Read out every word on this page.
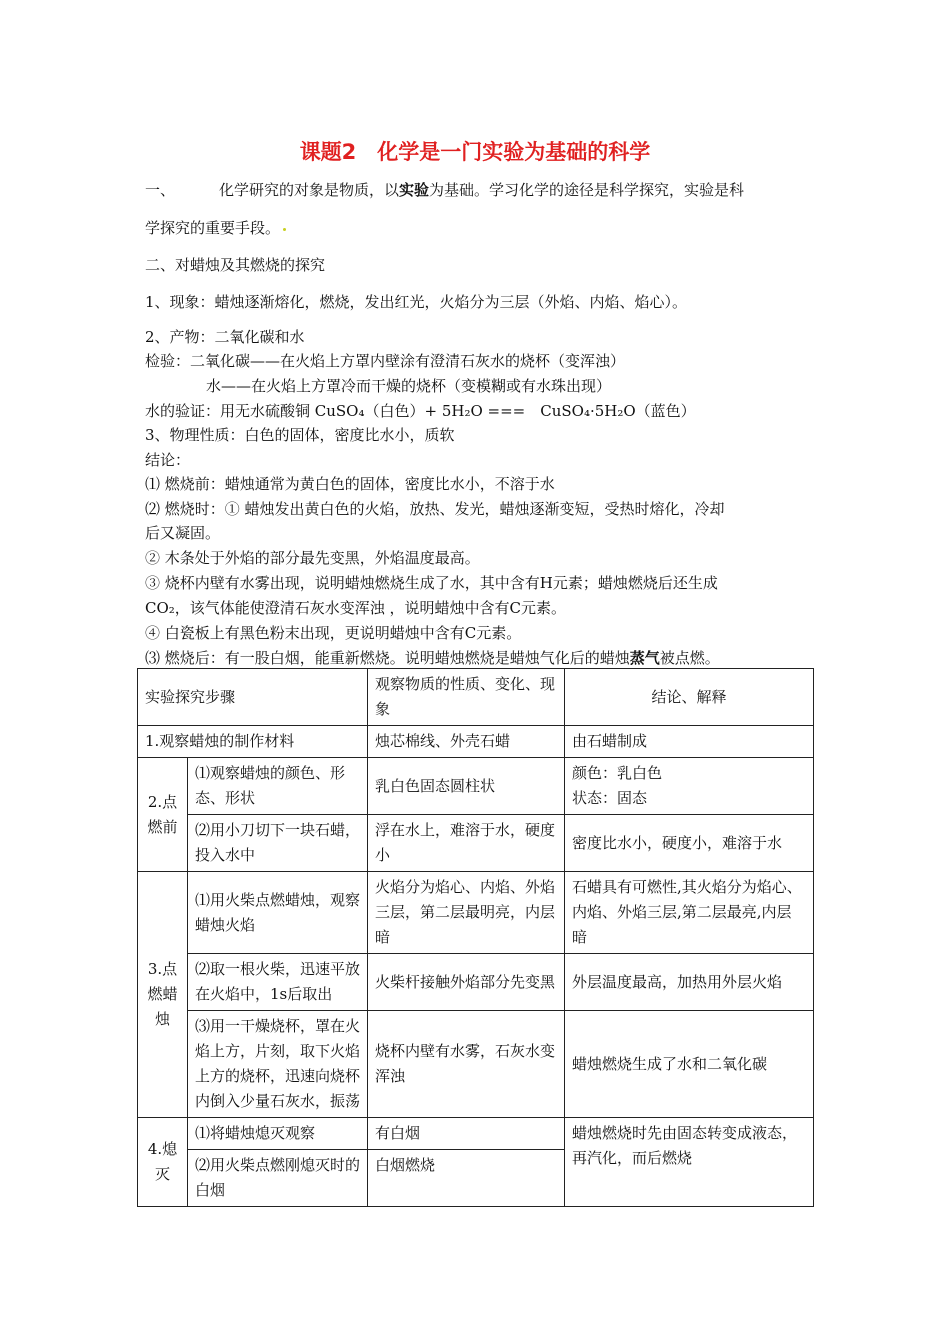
课题2　化学是一门实验为基础的科学
一、	化学研究的对象是物质，以实验为基础。学习化学的途径是科学探究，实验是科
学探究的重要手段。
二、对蜡烛及其燃烧的探究
1、现象：蜡烛逐渐熔化，燃烧，发出红光，火焰分为三层（外焰、内焰、焰心）。
2、产物：二氧化碳和水
检验：二氧化碳——在火焰上方罩内壁涂有澄清石灰水的烧杯（变浑浊）
水——在火焰上方罩冷而干燥的烧杯（变模糊或有水珠出现）
水的验证：用无水硫酸铜 CuSO₄（白色）+ 5H₂O ===　CuSO₄·5H₂O（蓝色）
3、物理性质：白色的固体，密度比水小，质软
结论：
⑴ 燃烧前：蜡烛通常为黄白色的固体，密度比水小，不溶于水
⑵ 燃烧时：① 蜡烛发出黄白色的火焰，放热、发光，蜡烛逐渐变短，受热时熔化，冷却
后又凝固。
② 木条处于外焰的部分最先变黑，外焰温度最高。
③ 烧杯内壁有水雾出现，说明蜡烛燃烧生成了水，其中含有H元素；蜡烛燃烧后还生成
CO₂，该气体能使澄清石灰水变浑浊 ，说明蜡烛中含有C元素。
④ 白瓷板上有黑色粉末出现，更说明蜡烛中含有C元素。
⑶ 燃烧后：有一股白烟，能重新燃烧。说明蜡烛燃烧是蜡烛气化后的蜡烛蒸气被点燃。
实验探究步骤		观察物质的性质、变化、现象	结论、解释
1.观察蜡烛的制作材料		烛芯棉线、外壳石蜡	由石蜡制成
2.点燃前	⑴观察蜡烛的颜色、形态、形状	乳白色固态圆柱状	颜色：乳白色
状态：固态

	⑵用小刀切下一块石蜡，投入水中	浮在水上，难溶于水，硬度小	密度比水小，硬度小，难溶于水
3.点燃蜡烛	⑴用火柴点燃蜡烛，观察蜡烛火焰	火焰分为焰心、内焰、外焰三层，第二层最明亮，内层暗	石蜡具有可燃性,其火焰分为焰心、内焰、外焰三层,第二层最亮,内层暗
	⑵取一根火柴，迅速平放在火焰中，1s后取出	火柴杆接触外焰部分先变黑	外层温度最高，加热用外层火焰
	⑶用一干燥烧杯，罩在火焰上方，片刻，取下火焰上方的烧杯，迅速向烧杯内倒入少量石灰水，振荡	烧杯内壁有水雾，石灰水变浑浊	蜡烛燃烧生成了水和二氧化碳
4.熄灭	⑴将蜡烛熄灭观察	有白烟	蜡烛燃烧时先由固态转变成液态，再汽化，而后燃烧
	⑵用火柴点燃刚熄灭时的白烟	白烟燃烧	
